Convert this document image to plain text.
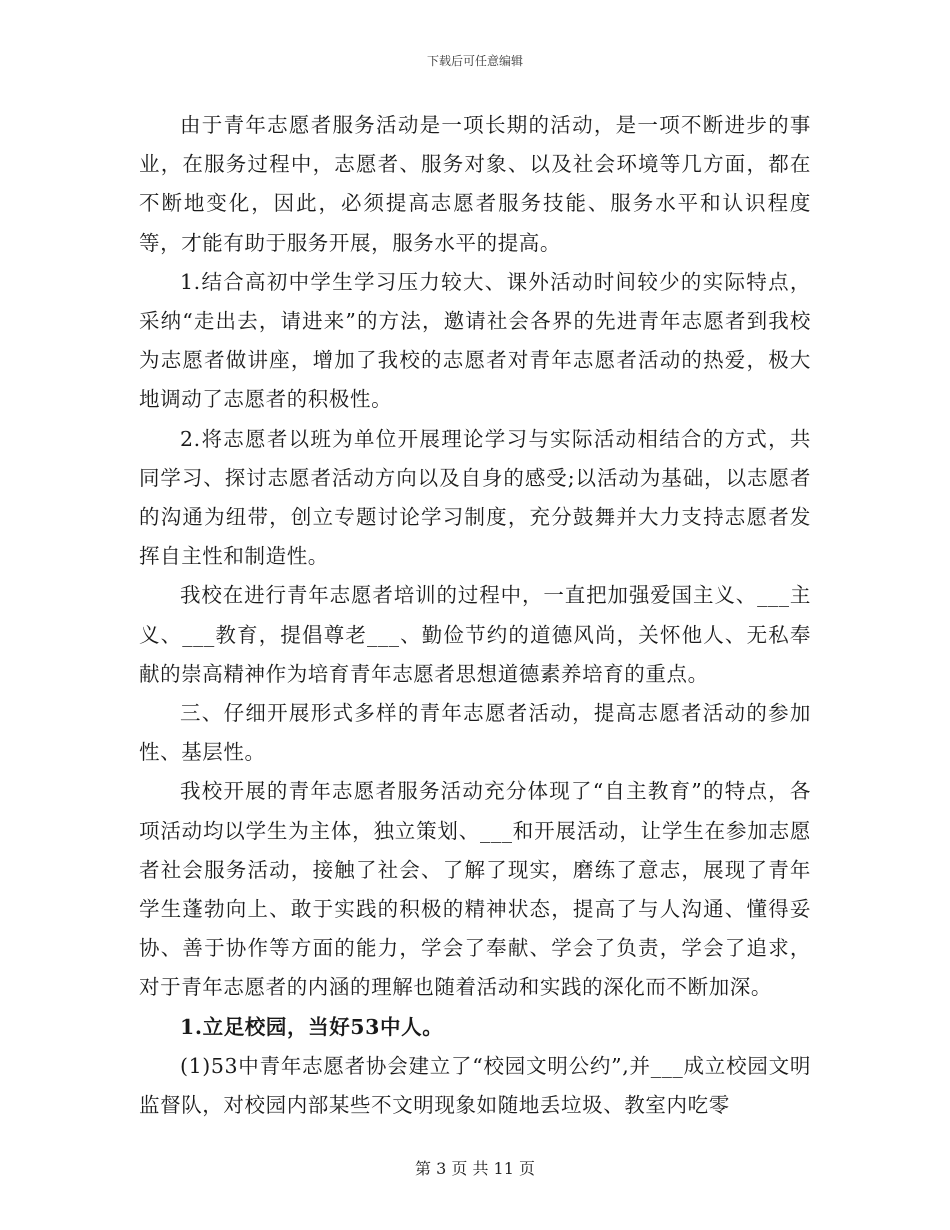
下载后可任意编辑

由于青年志愿者服务活动是一项长期的活动，是一项不断进步的事业，在服务过程中，志愿者、服务对象、以及社会环境等几方面，都在不断地变化，因此，必须提高志愿者服务技能、服务水平和认识程度等，才能有助于服务开展，服务水平的提高。

1.结合高初中学生学习压力较大、课外活动时间较少的实际特点，采纳“走出去，请进来”的方法，邀请社会各界的先进青年志愿者到我校为志愿者做讲座，增加了我校的志愿者对青年志愿者活动的热爱，极大地调动了志愿者的积极性。

2.将志愿者以班为单位开展理论学习与实际活动相结合的方式，共同学习、探讨志愿者活动方向以及自身的感受;以活动为基础，以志愿者的沟通为纽带，创立专题讨论学习制度，充分鼓舞并大力支持志愿者发挥自主性和制造性。

我校在进行青年志愿者培训的过程中，一直把加强爱国主义、___主义、___教育，提倡尊老___、勤俭节约的道德风尚，关怀他人、无私奉献的崇高精神作为培育青年志愿者思想道德素养培育的重点。

三、仔细开展形式多样的青年志愿者活动，提高志愿者活动的参加性、基层性。

我校开展的青年志愿者服务活动充分体现了“自主教育”的特点，各项活动均以学生为主体，独立策划、___和开展活动，让学生在参加志愿者社会服务活动，接触了社会、了解了现实，磨练了意志，展现了青年学生蓬勃向上、敢于实践的积极的精神状态，提高了与人沟通、懂得妥协、善于协作等方面的能力，学会了奉献、学会了负责，学会了追求，对于青年志愿者的内涵的理解也随着活动和实践的深化而不断加深。

1.立足校园，当好53中人。

(1)53中青年志愿者协会建立了“校园文明公约”,并___成立校园文明监督队，对校园内部某些不文明现象如随地丢垃圾、教室内吃零

第 3 页 共 11 页
